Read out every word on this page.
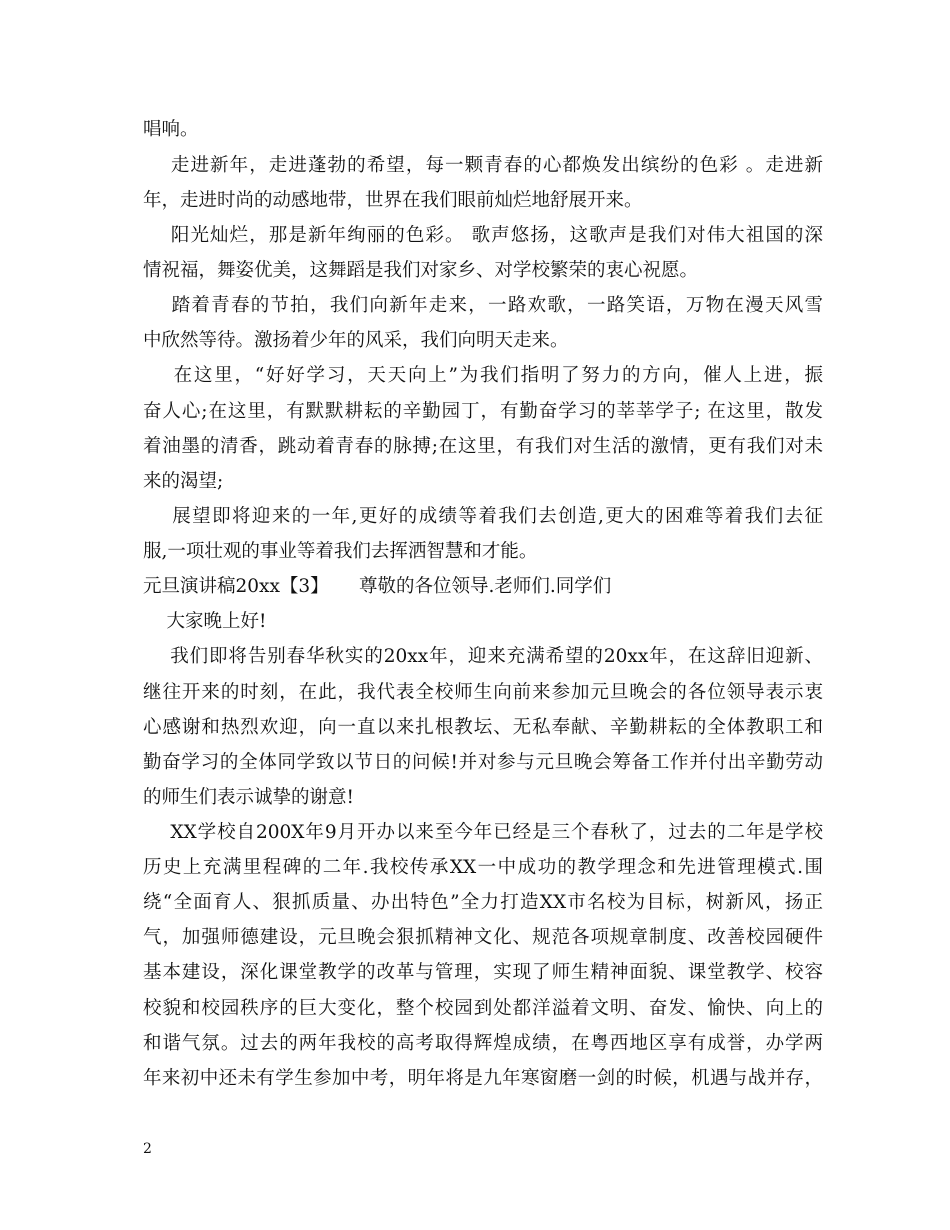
唱响。
走进新年，走进蓬勃的希望，每一颗青春的心都焕发出缤纷的色彩 。走进新
年，走进时尚的动感地带，世界在我们眼前灿烂地舒展开来。
阳光灿烂，那是新年绚丽的色彩。 歌声悠扬，这歌声是我们对伟大祖国的深
情祝福，舞姿优美，这舞蹈是我们对家乡、对学校繁荣的衷心祝愿。
踏着青春的节拍，我们向新年走来，一路欢歌，一路笑语，万物在漫天风雪
中欣然等待。激扬着少年的风采，我们向明天走来。
在这里，“好好学习，天天向上”为我们指明了努力的方向，催人上进，振
奋人心;在这里，有默默耕耘的辛勤园丁，有勤奋学习的莘莘学子; 在这里，散发
着油墨的清香，跳动着青春的脉搏;在这里，有我们对生活的激情，更有我们对未
来的渴望;
展望即将迎来的一年,更好的成绩等着我们去创造,更大的困难等着我们去征
服,一项壮观的事业等着我们去挥洒智慧和才能。
元旦演讲稿20xx【3】 尊敬的各位领导.老师们.同学们
大家晚上好!
我们即将告别春华秋实的20xx年，迎来充满希望的20xx年，在这辞旧迎新、
继往开来的时刻，在此，我代表全校师生向前来参加元旦晚会的各位领导表示衷
心感谢和热烈欢迎，向一直以来扎根教坛、无私奉献、辛勤耕耘的全体教职工和
勤奋学习的全体同学致以节日的问候!并对参与元旦晚会筹备工作并付出辛勤劳动
的师生们表示诚挚的谢意!
XX学校自200X年9月开办以来至今年已经是三个春秋了，过去的二年是学校
历史上充满里程碑的二年.我校传承XX一中成功的教学理念和先进管理模式.围
绕“全面育人、狠抓质量、办出特色”全力打造XX市名校为目标，树新风，扬正
气，加强师德建设，元旦晚会狠抓精神文化、规范各项规章制度、改善校园硬件
基本建设，深化课堂教学的改革与管理，实现了师生精神面貌、课堂教学、校容
校貌和校园秩序的巨大变化，整个校园到处都洋溢着文明、奋发、愉快、向上的
和谐气氛。过去的两年我校的高考取得辉煌成绩，在粤西地区享有成誉，办学两
年来初中还未有学生参加中考，明年将是九年寒窗磨一剑的时候，机遇与战并存，
2
